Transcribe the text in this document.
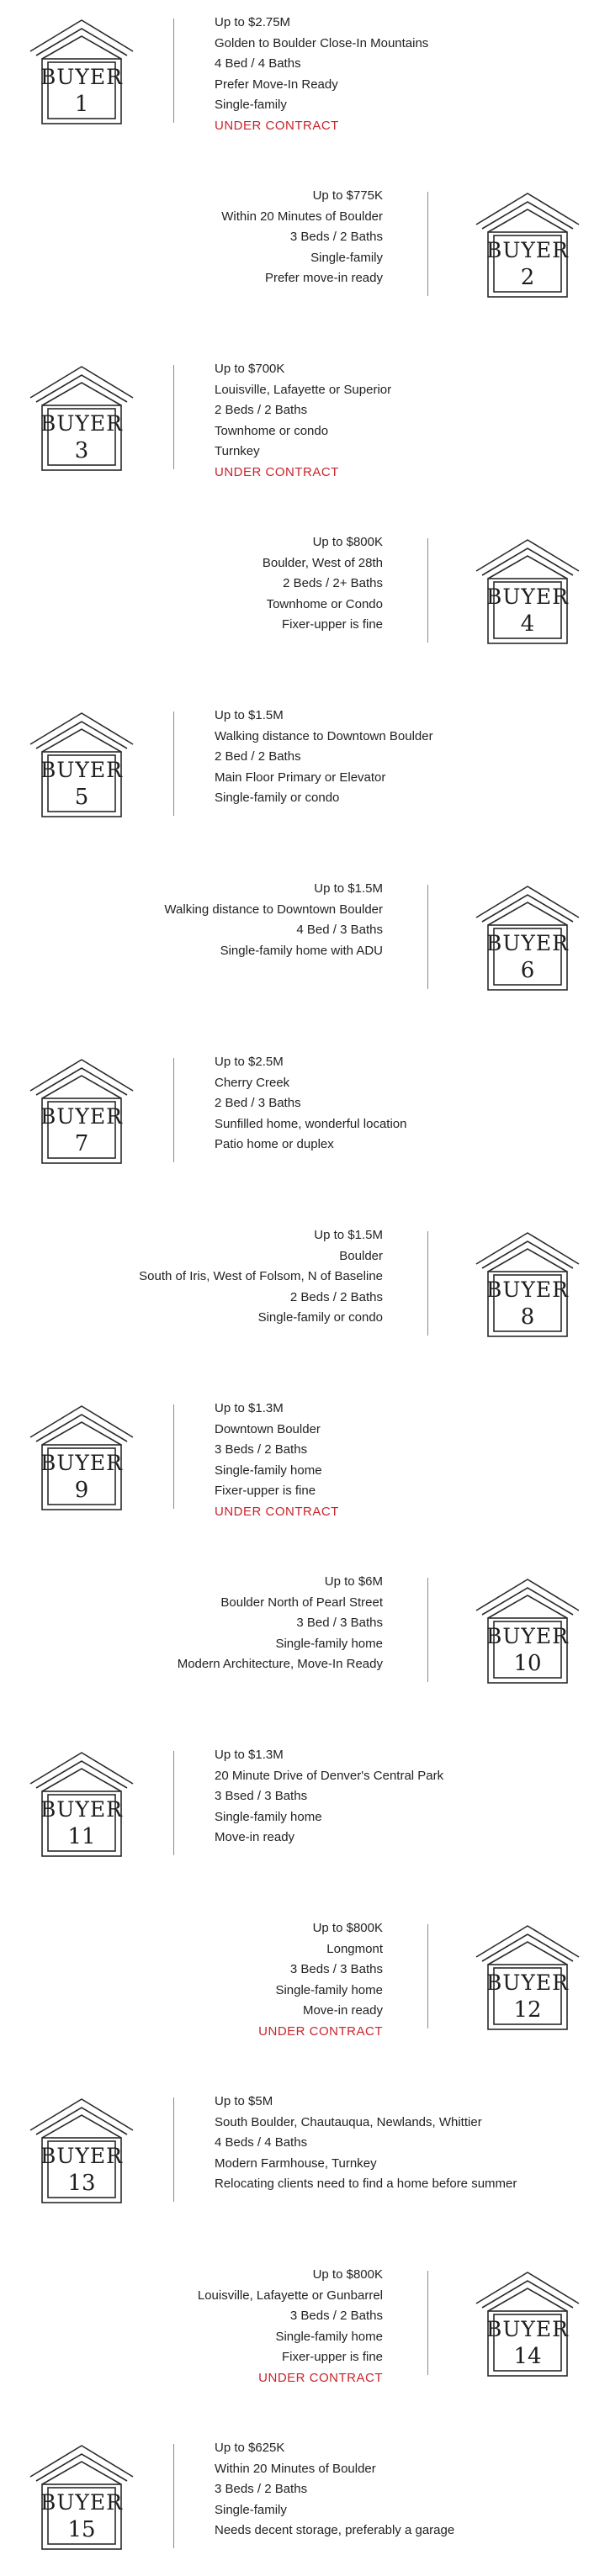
BUYER
1
Up to $2.75M
Golden to Boulder Close-In Mountains
4 Bed / 4 Baths
Prefer Move-In Ready
Single-family
UNDER CONTRACT
BUYER
2
Up to $775K
Within 20 Minutes of Boulder
3 Beds / 2 Baths
Single-family
Prefer move-in ready
BUYER
3
Up to $700K
Louisville, Lafayette or Superior
2 Beds / 2 Baths
Townhome or condo
Turnkey
UNDER CONTRACT
BUYER
4
Up to $800K
Boulder, West of 28th
2 Beds / 2+ Baths
Townhome or Condo
Fixer-upper is fine
BUYER
5
Up to $1.5M
Walking distance to Downtown Boulder
2 Bed / 2 Baths
Main Floor Primary or Elevator
Single-family or condo
BUYER
6
Up to $1.5M
Walking distance to Downtown Boulder
4 Bed / 3 Baths
Single-family home with ADU
BUYER
7
Up to $2.5M
Cherry Creek
2 Bed / 3 Baths
Sunfilled home, wonderful location
Patio home or duplex
BUYER
8
Up to $1.5M
Boulder
South of Iris, West of Folsom, N of Baseline
2 Beds / 2 Baths
Single-family or condo
BUYER
9
Up to $1.3M
Downtown Boulder
3 Beds / 2 Baths
Single-family home
Fixer-upper is fine
UNDER CONTRACT
BUYER
10
Up to $6M
Boulder North of Pearl Street
3 Bed / 3 Baths
Single-family home
Modern Architecture, Move-In Ready
BUYER
11
Up to $1.3M
20 Minute Drive of Denver's Central Park
3 Bsed / 3 Baths
Single-family home
Move-in ready
BUYER
12
Up to $800K
Longmont
3 Beds / 3 Baths
Single-family home
Move-in ready
UNDER CONTRACT
BUYER
13
Up to $5M
South Boulder, Chautauqua, Newlands, Whittier
4 Beds / 4 Baths
Modern Farmhouse, Turnkey
Relocating clients need to find a home before summer
BUYER
14
Up to $800K
Louisville, Lafayette or Gunbarrel
3 Beds / 2 Baths
Single-family home
Fixer-upper is fine
UNDER CONTRACT
BUYER
15
Up to $625K
Within 20 Minutes of Boulder
3 Beds / 2 Baths
Single-family
Needs decent storage, preferably a garage
